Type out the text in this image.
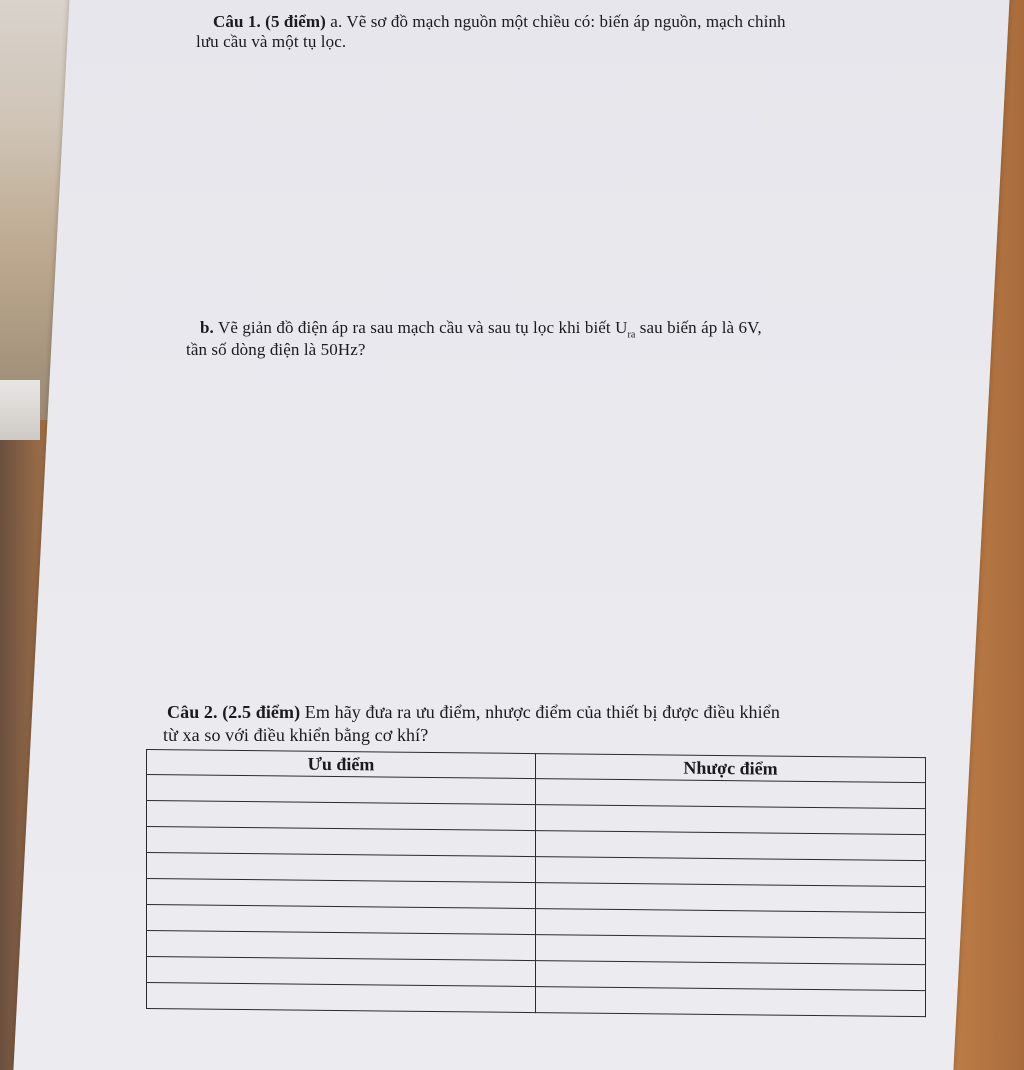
Câu 1. (5 điểm) a. Vẽ sơ đồ mạch nguồn một chiều có: biến áp nguồn, mạch chỉnh
lưu cầu và một tụ lọc.
b. Vẽ giản đồ điện áp ra sau mạch cầu và sau tụ lọc khi biết $U_{ra}$ sau biến áp là 6V,
tần số dòng điện là 50Hz?
Câu 2. (2.5 điểm) Em hãy đưa ra ưu điểm, nhược điểm của thiết bị được điều khiển
từ xa so với điều khiển bằng cơ khí?
Ưu điểm	Nhược điểm
